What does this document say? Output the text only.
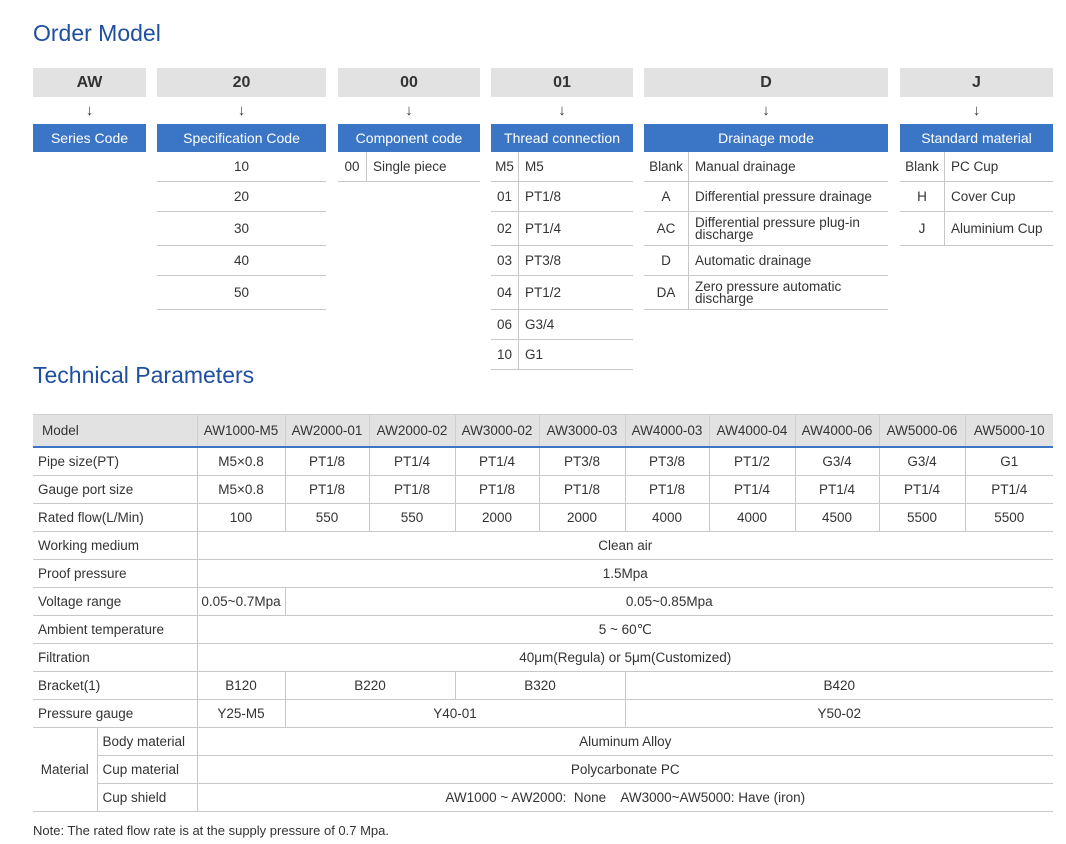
Order Model
AW
↓
Series Code
20
↓
Specification Code
10
20
30
40
50
00
↓
Component code
00 Single piece
01
↓
Thread connection
M5 M5
01 PT1/8
02 PT1/4
03 PT3/8
04 PT1/2
06 G3/4
10 G1
D
↓
Drainage mode
Blank Manual drainage
A	Differential pressure drainage
AC	Differential pressure plug-in discharge
D	Automatic drainage
DA	Zero pressure automatic discharge
J
↓
Standard material
Blank PC Cup
H	Cover Cup
J	Aluminium Cup
Technical Parameters
Model		AW1000-M5	AW2000-01	AW2000-02	AW3000-02	AW3000-03	AW4000-03	AW4000-04	AW4000-06	AW5000-06	AW5000-10
Pipe size(PT)		M5×0.8	PT1/8	PT1/4	PT1/4	PT3/8	PT3/8	PT1/2	G3/4	G3/4	G1
Gauge port size		M5×0.8	PT1/8	PT1/8	PT1/8	PT1/8	PT1/8	PT1/4	PT1/4	PT1/4	PT1/4
Rated flow(L/Min)		100	550	550	2000	2000	4000	4000	4500	5500	5500
Working medium		Clean air									
Proof pressure		1.5Mpa									
Voltage range		0.05~0.7Mpa	0.05~0.85Mpa								
Ambient temperature		5 ~ 60℃									
Filtration		40μm(Regula) or 5μm(Customized)									
Bracket(1)		B120	B220		B320		B420				
Pressure gauge		Y25-M5	Y40-01				Y50-02				
Material	Body material	Aluminum Alloy									
	Cup material	Polycarbonate PC									
	Cup shield	AW1000 ~ AW2000:  None    AW3000~AW5000: Have (iron)									
Note: The rated flow rate is at the supply pressure of 0.7 Mpa.
